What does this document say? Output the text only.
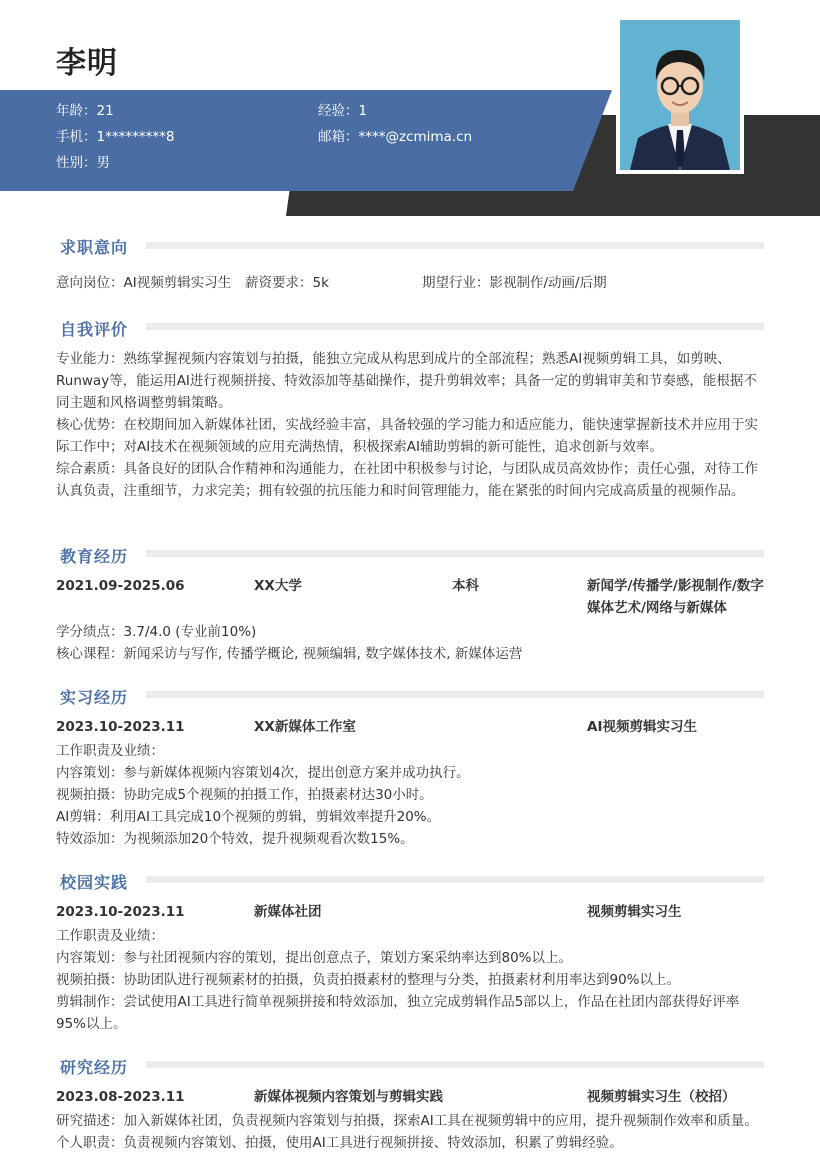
李明
年龄：21	经验：1
手机：1*********8	邮箱：****@zcmima.cn
性别：男
求职意向
意向岗位：AI视频剪辑实习生 薪资要求：5k	期望行业：影视制作/动画/后期
自我评价
专业能力：熟练掌握视频内容策划与拍摄，能独立完成从构思到成片的全部流程；熟悉AI视频剪辑工具，如剪映、Runway等，能运用AI进行视频拼接、特效添加等基础操作，提升剪辑效率；具备一定的剪辑审美和节奏感，能根据不同主题和风格调整剪辑策略。
核心优势：在校期间加入新媒体社团，实战经验丰富，具备较强的学习能力和适应能力，能快速掌握新技术并应用于实际工作中；对AI技术在视频领域的应用充满热情，积极探索AI辅助剪辑的新可能性，追求创新与效率。
综合素质：具备良好的团队合作精神和沟通能力，在社团中积极参与讨论，与团队成员高效协作；责任心强，对待工作认真负责，注重细节，力求完美；拥有较强的抗压能力和时间管理能力，能在紧张的时间内完成高质量的视频作品。
教育经历
2021.09-2025.06	XX大学	本科	新闻学/传播学/影视制作/数字媒体艺术/网络与新媒体
学分绩点：3.7/4.0 (专业前10%)
核心课程：新闻采访与写作, 传播学概论, 视频编辑, 数字媒体技术, 新媒体运营
实习经历
2023.10-2023.11	XX新媒体工作室	AI视频剪辑实习生
工作职责及业绩：
内容策划：参与新媒体视频内容策划4次，提出创意方案并成功执行。
视频拍摄：协助完成5个视频的拍摄工作，拍摄素材达30小时。
AI剪辑：利用AI工具完成10个视频的剪辑，剪辑效率提升20%。
特效添加：为视频添加20个特效，提升视频观看次数15%。
校园实践
2023.10-2023.11	新媒体社团	视频剪辑实习生
工作职责及业绩：
内容策划：参与社团视频内容的策划，提出创意点子，策划方案采纳率达到80%以上。
视频拍摄：协助团队进行视频素材的拍摄，负责拍摄素材的整理与分类，拍摄素材利用率达到90%以上。
剪辑制作：尝试使用AI工具进行简单视频拼接和特效添加，独立完成剪辑作品5部以上，作品在社团内部获得好评率95%以上。
研究经历
2023.08-2023.11	新媒体视频内容策划与剪辑实践	视频剪辑实习生（校招）
研究描述：加入新媒体社团，负责视频内容策划与拍摄，探索AI工具在视频剪辑中的应用，提升视频制作效率和质量。
个人职责：负责视频内容策划、拍摄，使用AI工具进行视频拼接、特效添加，积累了剪辑经验。
